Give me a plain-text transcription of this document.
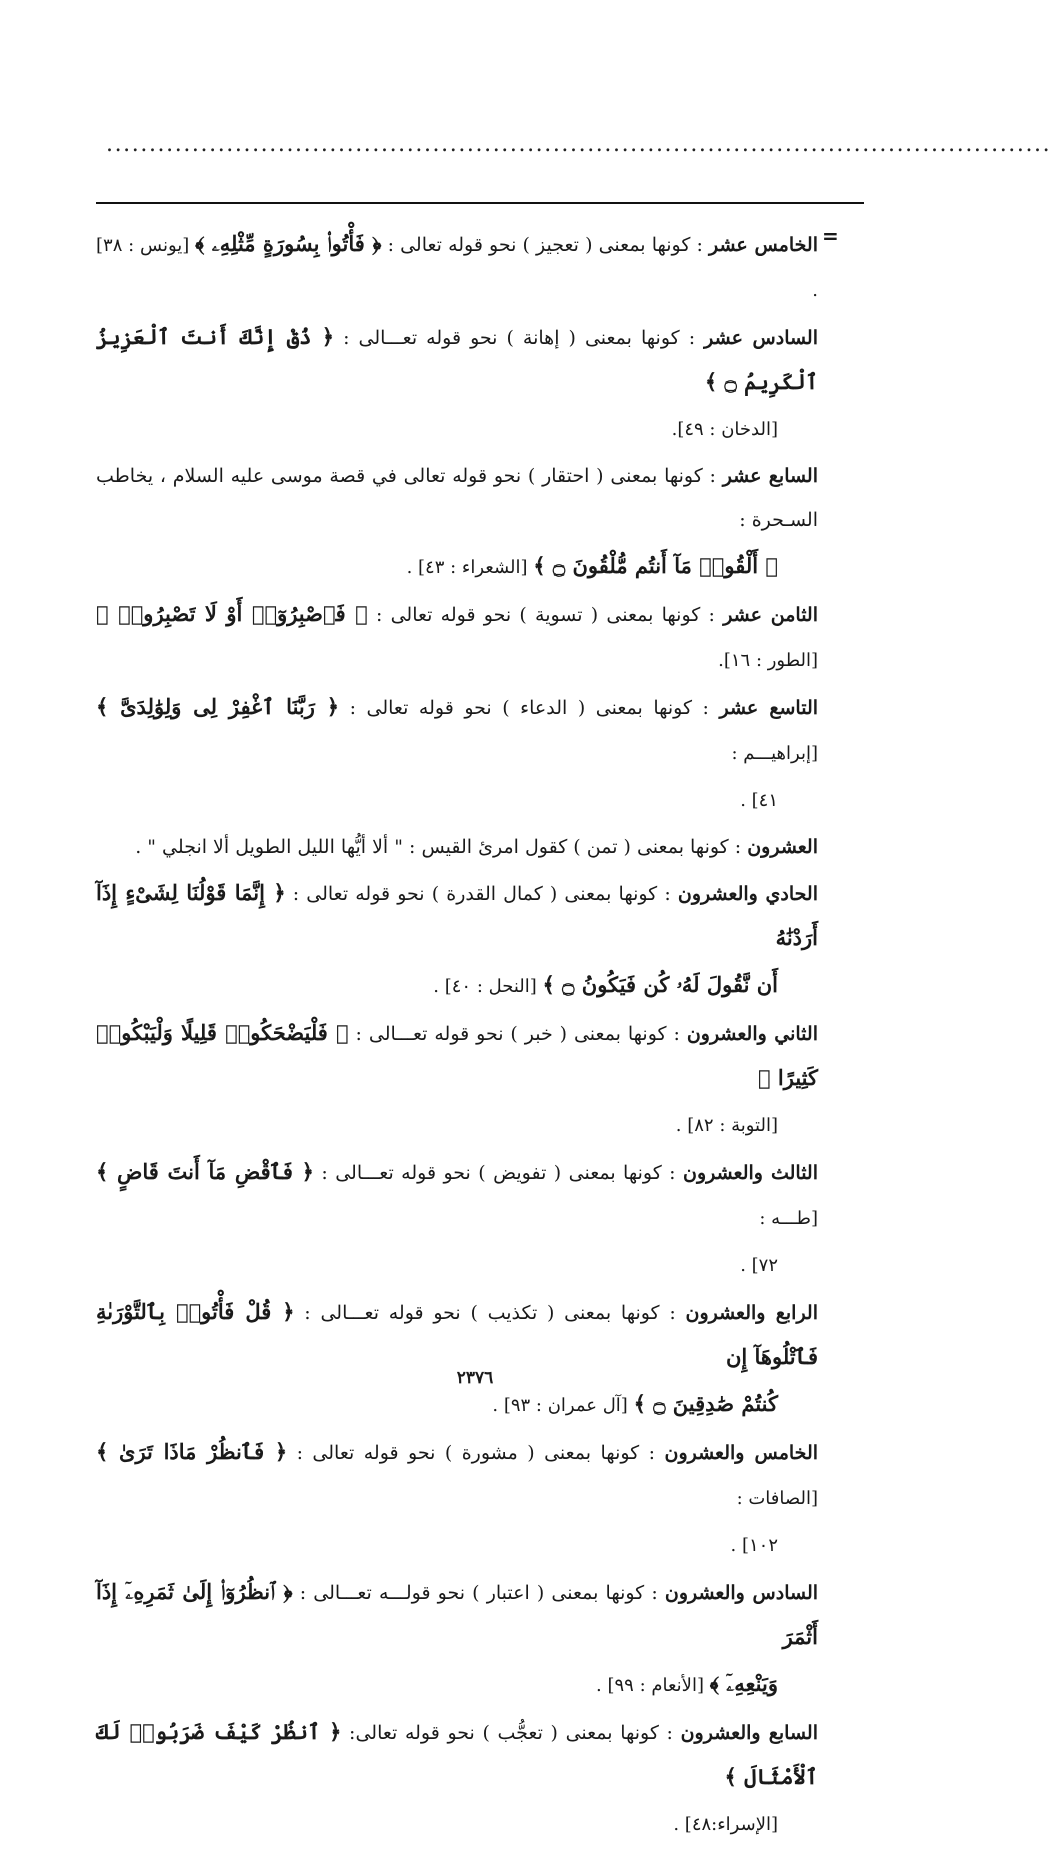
..............................................................................................................
=
الخامس عشر : كونها بمعنى ( تعجيز ) نحو قوله تعالى : ﴿ فَأْتُوا۟ بِسُورَةٍ مِّثْلِهِۦ ﴾ [يونس : ٣٨] .
السادس عشر : كونها بمعنى ( إهانة ) نحو قوله تعـــالى : ﴿ ذُقْ إِنَّكَ أَنتَ ٱلْعَزِيزُ ٱلْكَرِيمُ ۝ ﴾
[الدخان : ٤٩].
السابع عشر : كونها بمعنى ( احتقار ) نحو قوله تعالى في قصة موسى عليه السلام ، يخاطب السـحرة :
﴿ أَلْقُوا۟ مَآ أَنتُم مُّلْقُونَ ۝ ﴾ [الشعراء : ٤٣] .
الثامن عشر : كونها بمعنى ( تسوية ) نحو قوله تعالى : ﴿ فَٱصْبِرُوٓا۟ أَوْ لَا تَصْبِرُوا۟ ﴾ [الطور : ١٦].
التاسع عشر : كونها بمعنى ( الدعاء ) نحو قوله تعالى : ﴿ رَبَّنَا ٱغْفِرْ لِى وَلِوَٰلِدَىَّ ﴾ [إبراهيـــم :
٤١] .
العشرون : كونها بمعنى ( تمن ) كقول امرئ القيس : " ألا أيُّها الليل الطويل ألا انجلي " .
الحادي والعشرون : كونها بمعنى ( كمال القدرة ) نحو قوله تعالى : ﴿ إِنَّمَا قَوْلُنَا لِشَىْءٍ إِذَآ أَرَدْنَٰهُ
أَن نَّقُولَ لَهُۥ كُن فَيَكُونُ ۝ ﴾ [النحل : ٤٠] .
الثاني والعشرون : كونها بمعنى ( خبر ) نحو قوله تعـــالى : ﴿ فَلْيَضْحَكُوا۟ قَلِيلًا وَلْيَبْكُوا۟ كَثِيرًا ﴾
[التوبة : ٨٢] .
الثالث والعشرون : كونها بمعنى ( تفويض ) نحو قوله تعـــالى : ﴿ فَٱقْضِ مَآ أَنتَ قَاضٍ ﴾ [طـــه :
٧٢] .
الرابع والعشرون : كونها بمعنى ( تكذيب ) نحو قوله تعـــالى : ﴿ قُلْ فَأْتُوا۟ بِٱلتَّوْرَىٰةِ فَٱتْلُوهَآ إِن
كُنتُمْ صَٰدِقِينَ ۝ ﴾ [آل عمران : ٩٣] .
الخامس والعشرون : كونها بمعنى ( مشورة ) نحو قوله تعالى : ﴿ فَٱنظُرْ مَاذَا تَرَىٰ ﴾ [الصافات :
١٠٢] .
السادس والعشرون : كونها بمعنى ( اعتبار ) نحو قولـــه تعـــالى : ﴿ ٱنظُرُوٓا۟ إِلَىٰ ثَمَرِهِۦٓ إِذَآ أَثْمَرَ
وَيَنْعِهِۦٓ ﴾ [الأنعام : ٩٩] .
السابع والعشرون : كونها بمعنى ( تعجُّب ) نحو قوله تعالى: ﴿ ٱنظُرْ كَيْفَ ضَرَبُوا۟ لَكَ ٱلْأَمْثَالَ ﴾
[الإسراء:٤٨] .
٢٣٧٦
